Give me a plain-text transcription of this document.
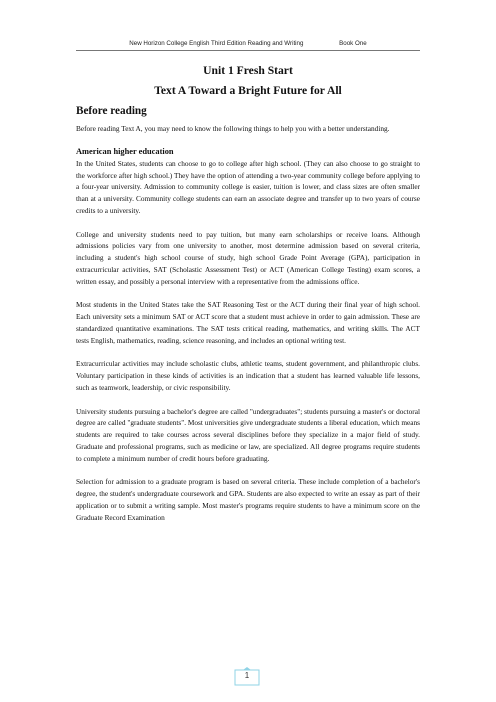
New Horizon College English Third Edition Reading and Writing	Book One
Unit 1 Fresh Start
Text A Toward a Bright Future for All
Before reading

Before reading Text A, you may need to know the following things to help you with a better understanding.

American higher education

In the United States, students can choose to go to college after high school. (They can also choose to go straight to the workforce after high school.) They have the option of attending a two-year community college before applying to a four-year university. Admission to community college is easier, tuition is lower, and class sizes are often smaller than at a university. Community college students can earn an associate degree and transfer up to two years of course credits to a university.

College and university students need to pay tuition, but many earn scholarships or receive loans. Although admissions policies vary from one university to another, most determine admission based on several criteria, including a student's high school course of study, high school Grade Point Average (GPA), participation in extracurricular activities, SAT (Scholastic Assessment Test) or ACT (American College Testing) exam scores, a written essay, and possibly a personal interview with a representative from the admissions office.

Most students in the United States take the SAT Reasoning Test or the ACT during their final year of high school. Each university sets a minimum SAT or ACT score that a student must achieve in order to gain admission. These are standardized quantitative examinations. The SAT tests critical reading, mathematics, and writing skills. The ACT tests English, mathematics, reading, science reasoning, and includes an optional writing test.

Extracurricular activities may include scholastic clubs, athletic teams, student government, and philanthropic clubs. Voluntary participation in these kinds of activities is an indication that a student has learned valuable life lessons, such as teamwork, leadership, or civic responsibility.

University students pursuing a bachelor's degree are called "undergraduates"; students pursuing a master's or doctoral degree are called "graduate students". Most universities give undergraduate students a liberal education, which means students are required to take courses across several disciplines before they specialize in a major field of study. Graduate and professional programs, such as medicine or law, are specialized. All degree programs require students to complete a minimum number of credit hours before graduating.

Selection for admission to a graduate program is based on several criteria. These include completion of a bachelor's degree, the student's undergraduate coursework and GPA. Students are also expected to write an essay as part of their application or to submit a writing sample. Most master's programs require students to have a minimum score on the Graduate Record Examination

1
